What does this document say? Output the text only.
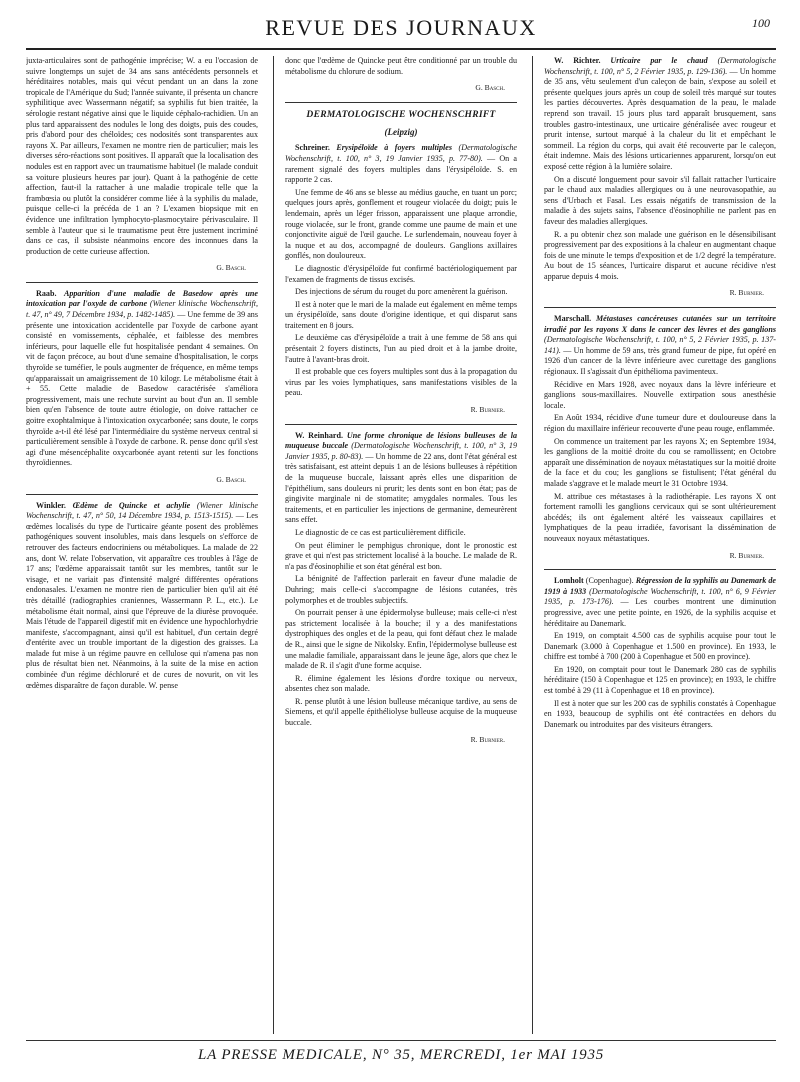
REVUE DES JOURNAUX	100

juxta-articulaires sont de pathogénie imprécise; W. a eu l'occasion de suivre longtemps un sujet de 34 ans sans antécédents personnels et héréditaires notables, mais qui vécut pendant un an dans la zone tropicale de l'Amérique du Sud; l'année suivante, il présenta un chancre syphilitique avec Wassermann négatif; sa syphilis fut bien traitée, la sérologie restant négative ainsi que le liquide céphalo-rachidien. Un an plus tard apparaissent des nodules le long des doigts, puis des coudes, pris d'abord pour des chéloïdes; ces nodosités sont transparentes aux rayons X. Par ailleurs, l'examen ne montre rien de particulier; mais les diverses séro-réactions sont positives. Il apparaît que la localisation des nodules est en rapport avec un traumatisme habituel (le malade conduit sa voiture plusieurs heures par jour). Quant à la pathogénie de cette affection, faut-il la rattacher à une maladie tropicale telle que la frambœsia ou plutôt la considérer comme liée à la syphilis du malade, puisque celle-ci la précéda de 1 an ? L'examen biopsique mit en évidence une infiltration lymphocyto-plasmocytaire périvasculaire. Il semble à l'auteur que si le traumatisme peut être justement incriminé dans ce cas, il subsiste néanmoins encore des inconnues dans la production de cette curieuse affection.

G. Basch.

Raab. Apparition d'une maladie de Basedow après une intoxication par l'oxyde de carbone (Wiener klinische Wochenschrift, t. 47, n° 49, 7 Décembre 1934, p. 1482-1485). — Une femme de 39 ans présente une intoxication accidentelle par l'oxyde de carbone ayant consisté en vomissements, céphalée, et faiblesse des membres inférieurs, pour laquelle elle fut hospitalisée pendant 4 semaines. On vit de façon précoce, au bout d'une semaine d'hospitalisation, le corps thyroïde se tuméfier, le pouls augmenter de fréquence, en même temps qu'apparaissait un amaigrissement de 10 kilogr. Le métabolisme était à + 55. Cette maladie de Basedow caractérisée s'améliora progressivement, mais une rechute survint au bout d'un an. Il semble bien qu'en l'absence de toute autre étiologie, on doive rattacher ce goitre exophtalmique à l'intoxication oxycarbonée; sans doute, le corps thyroïde a-t-il été lésé par l'intermédiaire du système nerveux central si particulièrement sensible à l'oxyde de carbone. R. pense donc qu'il s'est agi d'une mésencéphalite oxycarbonée ayant retenti sur les fonctions thyroïdiennes.

G. Basch.

Winkler. Œdème de Quincke et achylie (Wiener klinische Wochenschrift, t. 47, n° 50, 14 Décembre 1934, p. 1513-1515). — Les œdèmes localisés du type de l'urticaire géante posent des problèmes pathogéniques souvent insolubles, mais dans lesquels on s'efforce de retrouver des facteurs endocriniens ou métaboliques. La malade de 22 ans, dont W. relate l'observation, vit apparaître ces troubles à l'âge de 17 ans; l'œdème apparaissait tantôt sur les membres, tantôt sur le visage, et ne variait pas d'intensité malgré différentes opérations endonasales. L'examen ne montre rien de particulier bien qu'il ait été très détaillé (radiographies craniennes, Wassermann P. L., etc.). Le métabolisme était normal, ainsi que l'épreuve de la diurèse provoquée. Mais l'étude de l'appareil digestif mit en évidence une hypochlorhydrie manifeste, s'accompagnant, ainsi qu'il est habituel, d'un certain degré d'entérite avec un trouble important de la digestion des graisses. La malade fut mise à un régime pauvre en cellulose qui n'amena pas non plus de résultat bien net. Néanmoins, à la suite de la mise en action combinée d'un régime déchloruré et de cures de novurit, on vit les œdèmes disparaître de façon durable. W. pense

donc que l'œdème de Quincke peut être conditionné par un trouble du métabolisme du chlorure de sodium.

G. Basch.
DERMATOLOGISCHE WOCHENSCHRIFT
(Leipzig)

Schreiner. Erysipéloïde à foyers multiples (Dermatologische Wochenschrift, t. 100, n° 3, 19 Janvier 1935, p. 77-80). — On a rarement signalé des foyers multiples dans l'érysipéloïde. S. en rapporte 2 cas.

Une femme de 46 ans se blesse au médius gauche, en tuant un porc; quelques jours après, gonflement et rougeur violacée du doigt; puis le lendemain, après un léger frisson, apparaissent une plaque arrondie, rouge violacée, sur le front, grande comme une paume de main et une conjonctivite aiguë de l'œil gauche. Le surlendemain, nouveau foyer à la nuque et au dos, accompagné de douleurs. Ganglions axillaires gonflés, non douloureux.

Le diagnostic d'érysipéloïde fut confirmé bactériologiquement par l'examen de fragments de tissus excisés.

Des injections de sérum du rouget du porc amenèrent la guérison.

Il est à noter que le mari de la malade eut également en même temps un érysipéloïde, sans doute d'origine identique, et qui disparut sans traitement en 8 jours.

Le deuxième cas d'érysipéloïde a trait à une femme de 58 ans qui présentait 2 foyers distincts, l'un au pied droit et à la jambe droite, l'autre à l'avant-bras droit.

Il est probable que ces foyers multiples sont dus à la propagation du virus par les voies lymphatiques, sans manifestations visibles de la peau.

R. Burnier.

W. Reinhard. Une forme chronique de lésions bulleuses de la muqueuse buccale (Dermatologische Wochenschrift, t. 100, n° 3, 19 Janvier 1935, p. 80-83). — Un homme de 22 ans, dont l'état général est très satisfaisant, est atteint depuis 1 an de lésions bulleuses à répétition de la muqueuse buccale, laissant après elles une disparition de l'épithélium, sans douleurs ni prurit; les dents sont en bon état; pas de gingivite marginale ni de stomatite; amygdales normales. Tous les traitements, et en particulier les injections de germanine, demeurèrent sans effet.

Le diagnostic de ce cas est particulièrement difficile.

On peut éliminer le pemphigus chronique, dont le pronostic est grave et qui n'est pas strictement localisé à la bouche. Le malade de R. n'a pas d'éosinophilie et son état général est bon.

La bénignité de l'affection parlerait en faveur d'une maladie de Duhring; mais celle-ci s'accompagne de lésions cutanées, très polymorphes et de troubles subjectifs.

On pourrait penser à une épidermolyse bulleuse; mais celle-ci n'est pas strictement localisée à la bouche; il y a des manifestations dystrophiques des ongles et de la peau, qui font défaut chez le malade de R., ainsi que le signe de Nikolsky. Enfin, l'épidermolyse bulleuse est une maladie familiale, apparaissant dans le jeune âge, alors que chez le malade de R. il s'agit d'une forme acquise.

R. élimine également les lésions d'ordre toxique ou nerveux, absentes chez son malade.

R. pense plutôt à une lésion bulleuse mécanique tardive, au sens de Siemens, et qu'il appelle épithéliolyse bulleuse acquise de la muqueuse buccale.

R. Burnier.

W. Richter. Urticaire par le chaud (Dermatologische Wochenschrift, t. 100, n° 5, 2 Février 1935, p. 129-136). — Un homme de 35 ans, vêtu seulement d'un caleçon de bain, s'expose au soleil et présente quelques jours après un coup de soleil très marqué sur toutes les parties découvertes. Après desquamation de la peau, le malade reprend son travail. 15 jours plus tard apparaît brusquement, sans troubles gastro-intestinaux, une urticaire généralisée avec rougeur et prurit intense, surtout marqué à la chaleur du lit et empêchant le sommeil. La région du corps, qui avait été recouverte par le caleçon, était indemne. Mais des lésions urticariennes apparurent, lorsqu'on eut exposé cette région à la lumière solaire.

On a discuté longuement pour savoir s'il fallait rattacher l'urticaire par le chaud aux maladies allergiques ou à une neurovasopathie, au sens d'Urbach et Fasal. Les essais négatifs de transmission de la maladie à des sujets sains, l'absence d'éosinophilie ne parlent pas en faveur des maladies allergiques.

R. a pu obtenir chez son malade une guérison en le désensibilisant progressivement par des expositions à la chaleur en augmentant chaque fois de une minute le temps d'exposition et de 1/2 degré la température. Au bout de 15 séances, l'urticaire disparut et aucune récidive n'est apparue depuis 4 mois.

R. Burnier.

Marschall. Métastases cancéreuses cutanées sur un territoire irradié par les rayons X dans le cancer des lèvres et des ganglions (Dermatologische Wochenschrift, t. 100, n° 5, 2 Février 1935, p. 137-141). — Un homme de 59 ans, très grand fumeur de pipe, fut opéré en 1926 d'un cancer de la lèvre inférieure avec curettage des ganglions régionaux. Il s'agissait d'un épithélioma pavimenteux.

Récidive en Mars 1928, avec noyaux dans la lèvre inférieure et ganglions sous-maxillaires. Nouvelle extirpation sous anesthésie locale.

En Août 1934, récidive d'une tumeur dure et douloureuse dans la région du maxillaire inférieur recouverte d'une peau rouge, enflammée.

On commence un traitement par les rayons X; en Septembre 1934, les ganglions de la moitié droite du cou se ramollissent; en Octobre apparaît une dissémination de noyaux métastatiques sur la moitié droite de la face et du cou; les ganglions se fistulisent; l'état général du malade s'aggrave et le malade meurt le 31 Octobre 1934.

M. attribue ces métastases à la radiothérapie. Les rayons X ont fortement ramolli les ganglions cervicaux qui se sont ultérieurement abcédés; ils ont également altéré les vaisseaux capillaires et lymphatiques de la peau irradiée, favorisant la dissémination de nouveaux noyaux métastatiques.

R. Burnier.

Lomholt (Copenhague). Régression de la syphilis au Danemark de 1919 à 1933 (Dermatologische Wochenschrift, t. 100, n° 6, 9 Février 1935, p. 173-176). — Les courbes montrent une diminution progressive, avec une petite pointe, en 1926, de la syphilis acquise et héréditaire au Danemark.

En 1919, on comptait 4.500 cas de syphilis acquise pour tout le Danemark (3.000 à Copenhague et 1.500 en province). En 1933, le chiffre est tombé à 700 (200 à Copenhague et 500 en province).

En 1920, on comptait pour tout le Danemark 280 cas de syphilis héréditaire (150 à Copenhague et 125 en province); en 1933, le chiffre est tombé à 29 (11 à Copenhague et 18 en province).

Il est à noter que sur les 200 cas de syphilis constatés à Copenhague en 1933, beaucoup de syphilis ont été contractées en dehors du Danemark ou introduites par des visiteurs étrangers.

LA PRESSE MEDICALE, N° 35, MERCREDI, 1er MAI 1935
